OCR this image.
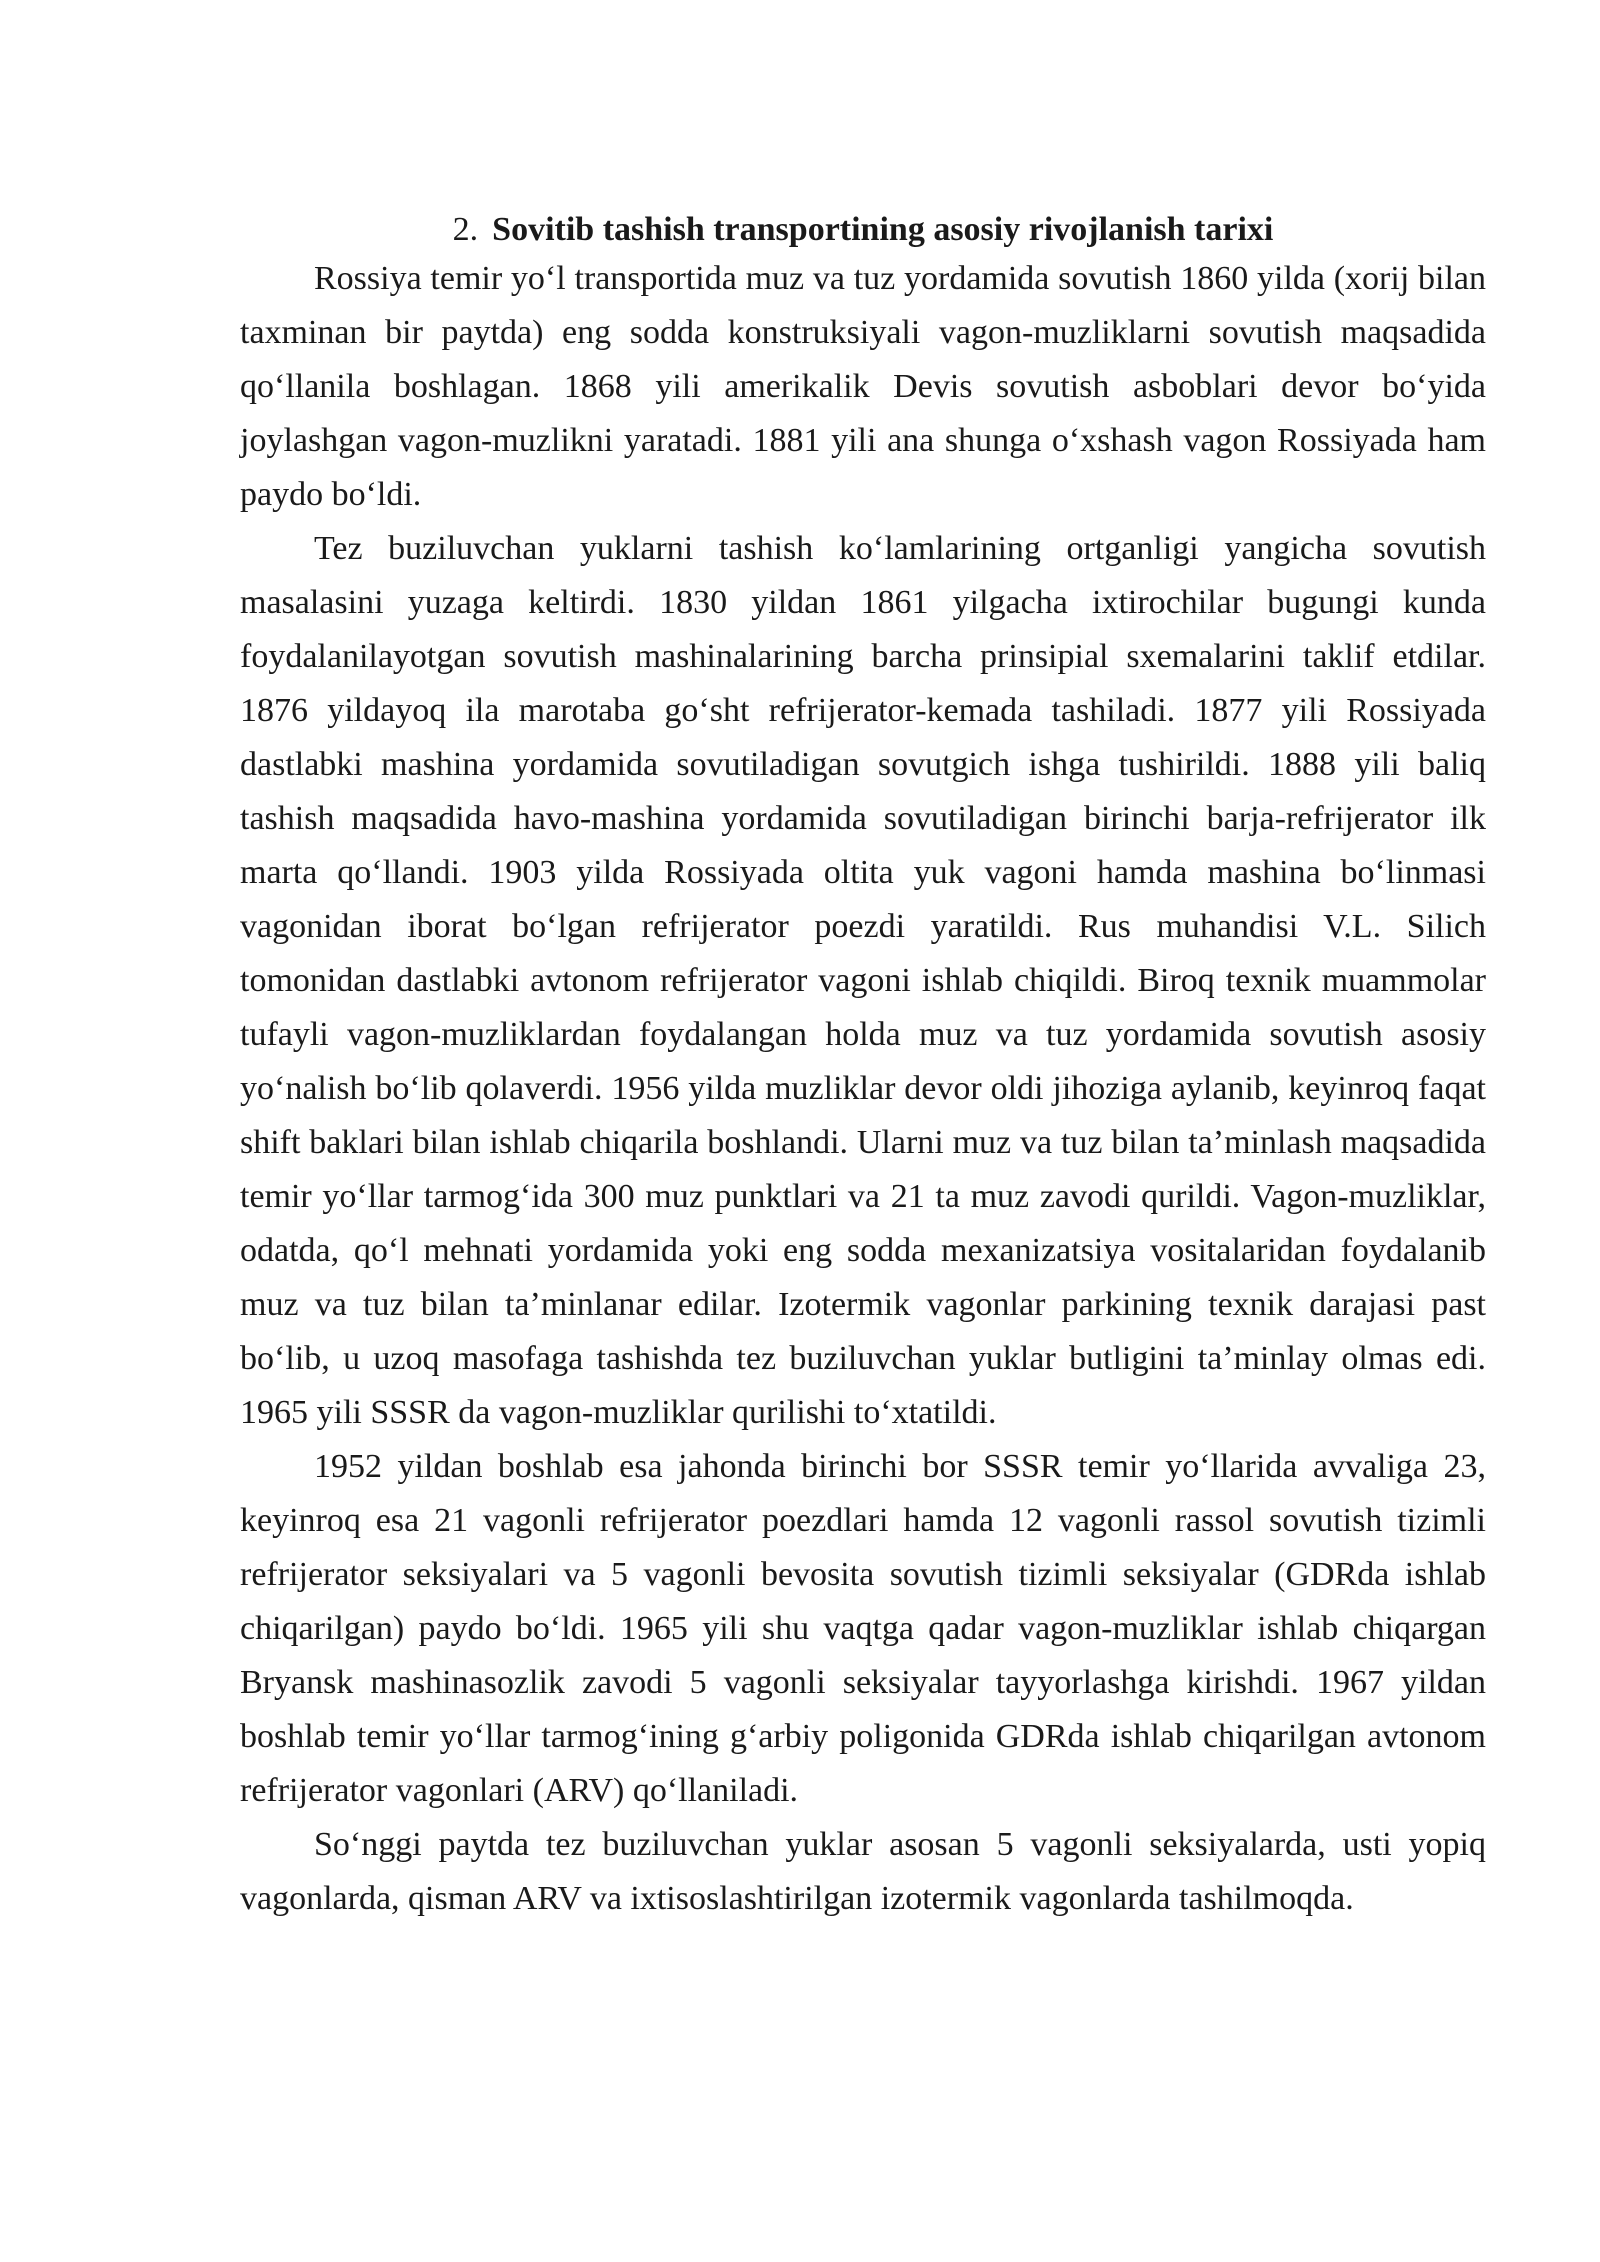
2. Sovitib tashish transportining asosiy rivojlanish tarixi

Rossiya temir yo‘l transportida muz va tuz yordamida sovutish 1860 yilda (xorij bilan taxminan bir paytda) eng sodda konstruksiyali vagon-muzliklarni sovutish maqsadida qo‘llanila boshlagan. 1868 yili amerikalik Devis sovutish asboblari devor bo‘yida joylashgan vagon-muzlikni yaratadi. 1881 yili ana shunga o‘xshash vagon Rossiyada ham paydo bo‘ldi.

Tez buziluvchan yuklarni tashish ko‘lamlarining ortganligi yangicha sovutish masalasini yuzaga keltirdi. 1830 yildan 1861 yilgacha ixtirochilar bugungi kunda foydalanilayotgan sovutish mashinalarining barcha prinsipial sxemalarini taklif etdilar. 1876 yildayoq ila marotaba go‘sht refrijerator-kemada tashiladi. 1877 yili Rossiyada dastlabki mashina yordamida sovutiladigan sovutgich ishga tushirildi. 1888 yili baliq tashish maqsadida havo-mashina yordamida sovutiladigan birinchi barja-refrijerator ilk marta qo‘llandi. 1903 yilda Rossiyada oltita yuk vagoni hamda mashina bo‘linmasi vagonidan iborat bo‘lgan refrijerator poezdi yaratildi. Rus muhandisi V.L. Silich tomonidan dastlabki avtonom refrijerator vagoni ishlab chiqildi. Biroq texnik muammolar tufayli vagon-muzliklardan foydalangan holda muz va tuz yordamida sovutish asosiy yo‘nalish bo‘lib qolaverdi. 1956 yilda muzliklar devor oldi jihoziga aylanib, keyinroq faqat shift baklari bilan ishlab chiqarila boshlandi. Ularni muz va tuz bilan ta’minlash maqsadida temir yo‘llar tarmog‘ida 300 muz punktlari va 21 ta muz zavodi qurildi. Vagon-muzliklar, odatda, qo‘l mehnati yordamida yoki eng sodda mexanizatsiya vositalaridan foydalanib muz va tuz bilan ta’minlanar edilar. Izotermik vagonlar parkining texnik darajasi past bo‘lib, u uzoq masofaga tashishda tez buziluvchan yuklar butligini ta’minlay olmas edi. 1965 yili SSSR da vagon-muzliklar qurilishi to‘xtatildi.

1952 yildan boshlab esa jahonda birinchi bor SSSR temir yo‘llarida avvaliga 23, keyinroq esa 21 vagonli refrijerator poezdlari hamda 12 vagonli rassol sovutish tizimli refrijerator seksiyalari va 5 vagonli bevosita sovutish tizimli seksiyalar (GDRda ishlab chiqarilgan) paydo bo‘ldi. 1965 yili shu vaqtga qadar vagon-muzliklar ishlab chiqargan Bryansk mashinasozlik zavodi 5 vagonli seksiyalar tayyorlashga kirishdi. 1967 yildan boshlab temir yo‘llar tarmog‘ining g‘arbiy poligonida GDRda ishlab chiqarilgan avtonom refrijerator vagonlari (ARV) qo‘llaniladi.

So‘nggi paytda tez buziluvchan yuklar asosan 5 vagonli seksiyalarda, usti yopiq vagonlarda, qisman ARV va ixtisoslashtirilgan izotermik vagonlarda tashilmoqda.
